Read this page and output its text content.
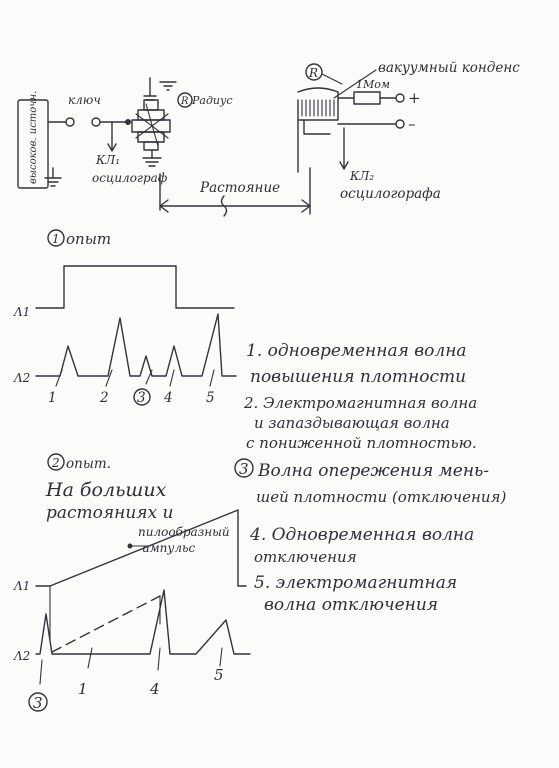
высоков. источн. ключ
КЛ₁
осцилограф
R Радиус
Растояние
R	вакуумный конденс
1Мом
+
–
КЛ₂
осцилогорафа
1 опыт
Λ1
Λ2
1	2 3 4 5
1. одновременная волна
повышения плотности
2. Электромагнитная волна
и запаздывающая волна
с пониженной плотностью.
3 Волна опережения мень-
шей плотности (отключения)
4. Одновременная волна
отключения
5. электромагнитная
волна отключения
2 опыт.
На больших
растояниях и
пилообразный
импульс
Λ1
Λ2
3
1	4
5
